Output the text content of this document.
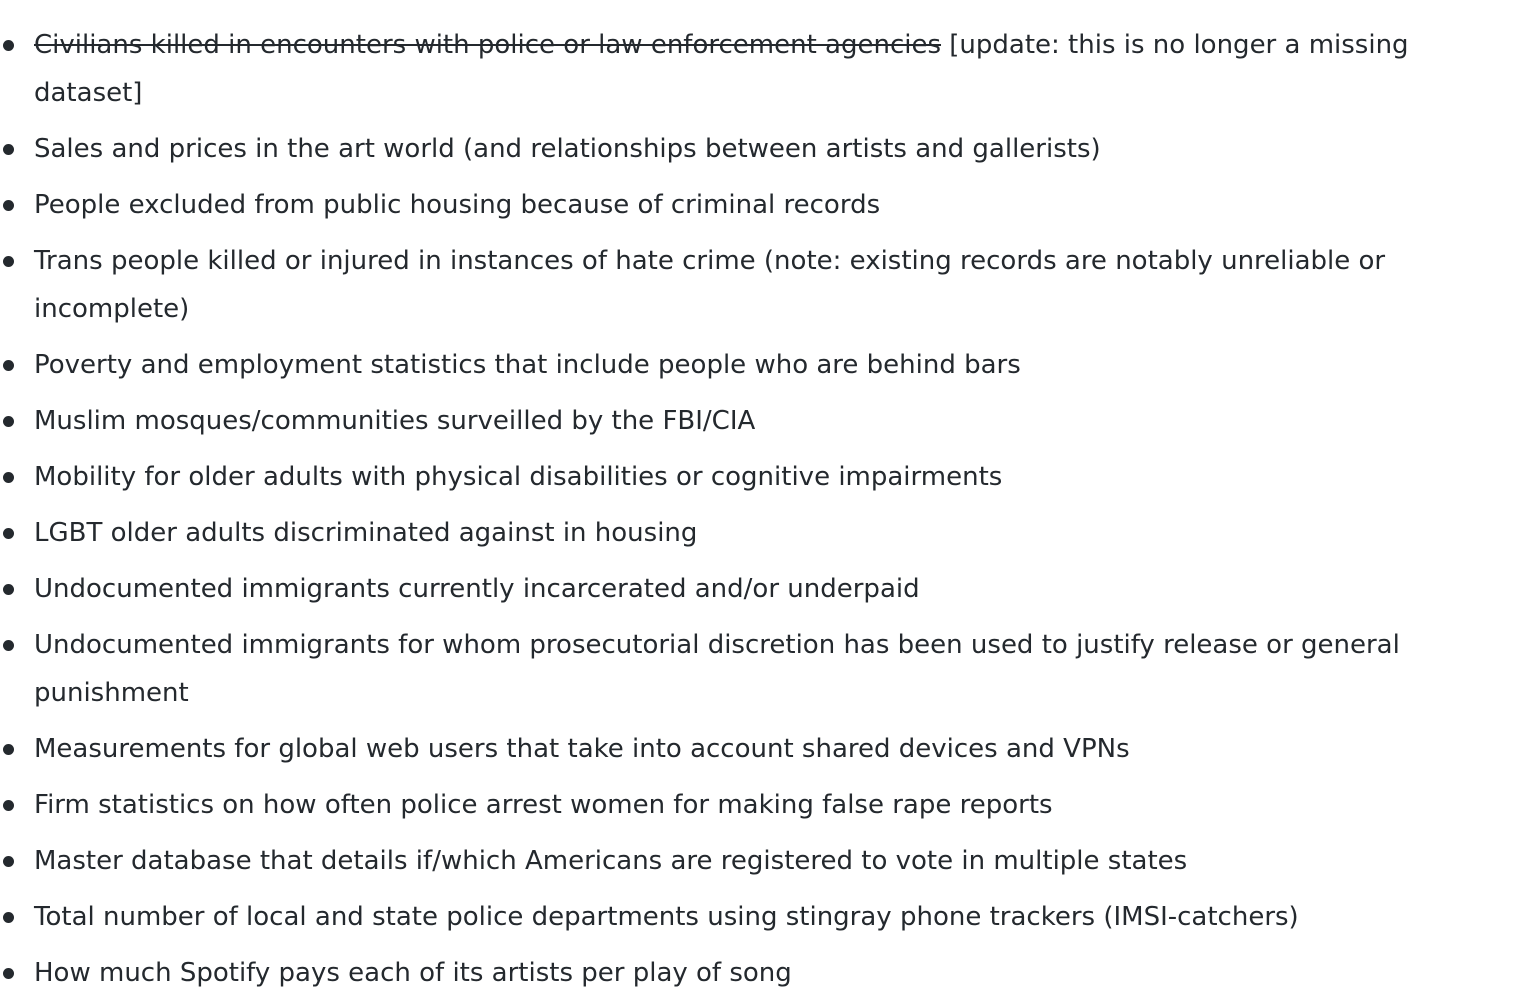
Civilians killed in encounters with police or law enforcement agencies [update: this is no longer a missing dataset]
Sales and prices in the art world (and relationships between artists and gallerists)
People excluded from public housing because of criminal records
Trans people killed or injured in instances of hate crime (note: existing records are notably unreliable or incomplete)
Poverty and employment statistics that include people who are behind bars
Muslim mosques/communities surveilled by the FBI/CIA
Mobility for older adults with physical disabilities or cognitive impairments
LGBT older adults discriminated against in housing
Undocumented immigrants currently incarcerated and/or underpaid
Undocumented immigrants for whom prosecutorial discretion has been used to justify release or general punishment
Measurements for global web users that take into account shared devices and VPNs
Firm statistics on how often police arrest women for making false rape reports
Master database that details if/which Americans are registered to vote in multiple states
Total number of local and state police departments using stingray phone trackers (IMSI-catchers)
How much Spotify pays each of its artists per play of song
